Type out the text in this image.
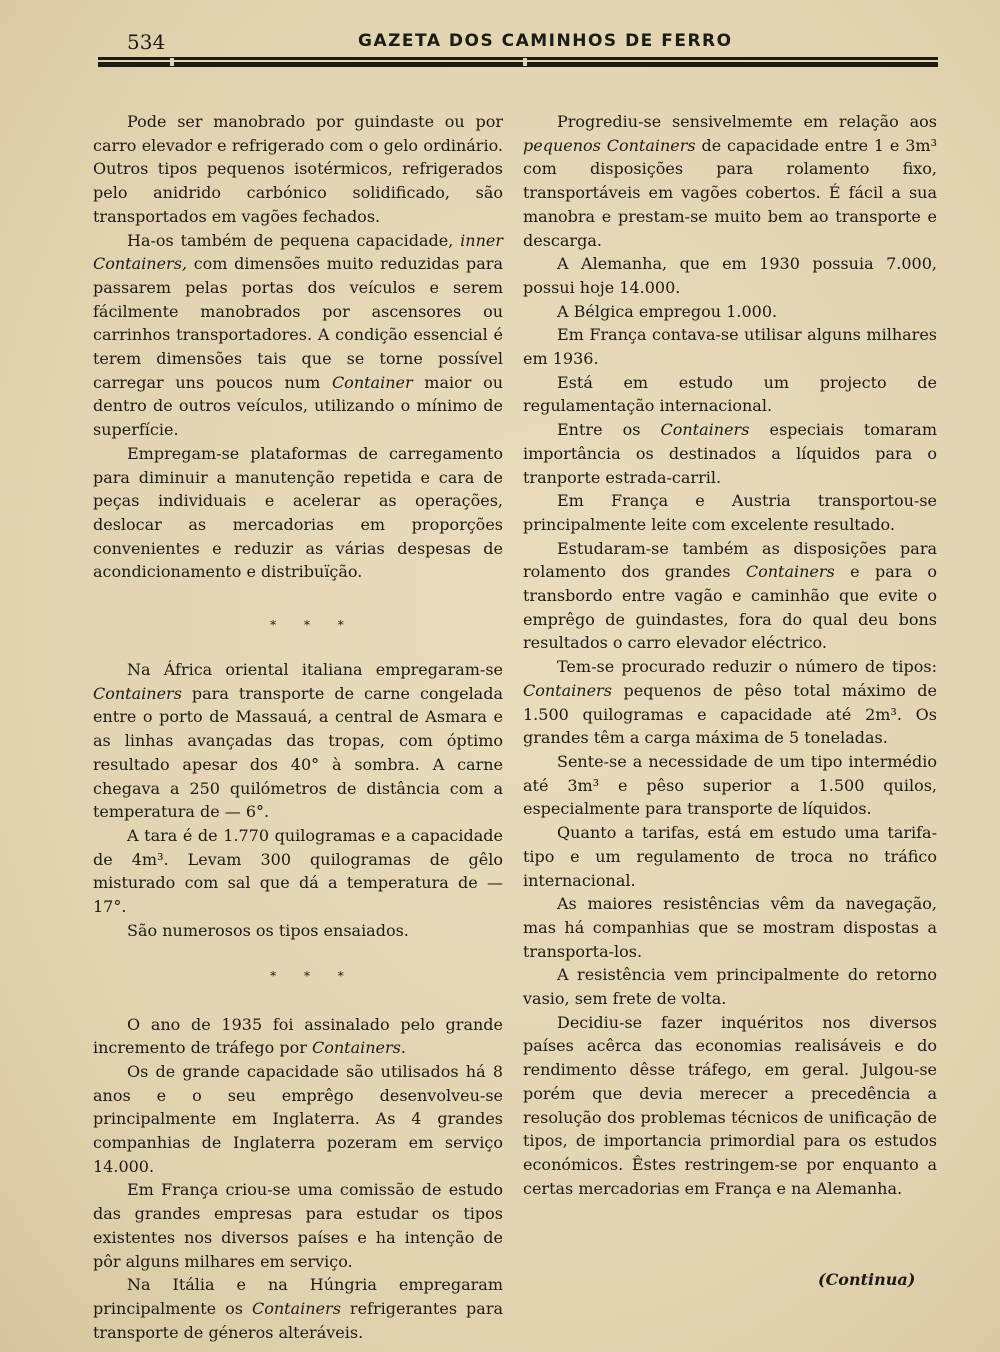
534	GAZETA DOS CAMINHOS DE FERRO

Pode ser manobrado por guindaste ou por carro elevador e refrigerado com o gelo ordinário. Outros tipos pequenos isotérmicos, refrigerados pelo anidrido carbónico solidificado, são transportados em vagões fechados.

Ha-os também de pequena capacidade, inner Containers, com dimensões muito reduzidas para passarem pelas portas dos veículos e serem fácilmente manobrados por ascensores ou carrinhos transportadores. A condição essencial é terem dimensões tais que se torne possível carregar uns poucos num Container maior ou dentro de outros veículos, utilizando o mínimo de superfície.

Empregam-se plataformas de carregamento para diminuir a manutenção repetida e cara de peças individuais e acelerar as operações, deslocar as mercadorias em proporções convenientes e reduzir as várias despesas de acondicionamento e distribuïção.

* * *

Na África oriental italiana empregaram-se Containers para transporte de carne congelada entre o porto de Massauá, a central de Asmara e as linhas avançadas das tropas, com óptimo resultado apesar dos 40° à sombra. A carne chegava a 250 quilómetros de distância com a temperatura de — 6°.

A tara é de 1.770 quilogramas e a capacidade de 4m³. Levam 300 quilogramas de gêlo misturado com sal que dá a temperatura de — 17°.

São numerosos os tipos ensaiados.

* * *

O ano de 1935 foi assinalado pelo grande incremento de tráfego por Containers.

Os de grande capacidade são utilisados há 8 anos e o seu emprêgo desenvolveu-se principalmente em Inglaterra. As 4 grandes companhias de Inglaterra pozeram em serviço 14.000.

Em França criou-se uma comissão de estudo das grandes empresas para estudar os tipos existentes nos diversos países e ha intenção de pôr alguns milhares em serviço.

Na Itália e na Húngria empregaram principalmente os Containers refrigerantes para transporte de géneros alteráveis.

Progrediu-se sensivelmemte em relação aos pequenos Containers de capacidade entre 1 e 3m³ com disposições para rolamento fixo, transportáveis em vagões cobertos. É fácil a sua manobra e prestam-se muito bem ao transporte e descarga.

A Alemanha, que em 1930 possuia 7.000, possui hoje 14.000.

A Bélgica empregou 1.000.

Em França contava-se utilisar alguns milhares em 1936.

Está em estudo um projecto de regulamentação internacional.

Entre os Containers especiais tomaram importância os destinados a líquidos para o tranporte estrada-carril.

Em França e Austria transportou-se principalmente leite com excelente resultado.

Estudaram-se também as disposições para rolamento dos grandes Containers e para o transbordo entre vagão e caminhão que evite o emprêgo de guindastes, fora do qual deu bons resultados o carro elevador eléctrico.

Tem-se procurado reduzir o número de tipos: Containers pequenos de pêso total máximo de 1.500 quilogramas e capacidade até 2m³. Os grandes têm a carga máxima de 5 toneladas.

Sente-se a necessidade de um tipo intermédio até 3m³ e pêso superior a 1.500 quilos, especialmente para transporte de líquidos.

Quanto a tarifas, está em estudo uma tarifa-tipo e um regulamento de troca no tráfico internacional.

As maiores resistências vêm da navegação, mas há companhias que se mostram dispostas a transporta-los.

A resistência vem principalmente do retorno vasio, sem frete de volta.

Decidiu-se fazer inquéritos nos diversos países acêrca das economias realisáveis e do rendimento dêsse tráfego, em geral. Julgou-se porém que devia merecer a precedência a resolução dos problemas técnicos de unificação de tipos, de importancia primordial para os estudos económicos. Êstes restringem-se por enquanto a certas mercadorias em França e na Alemanha.

(Continua)
